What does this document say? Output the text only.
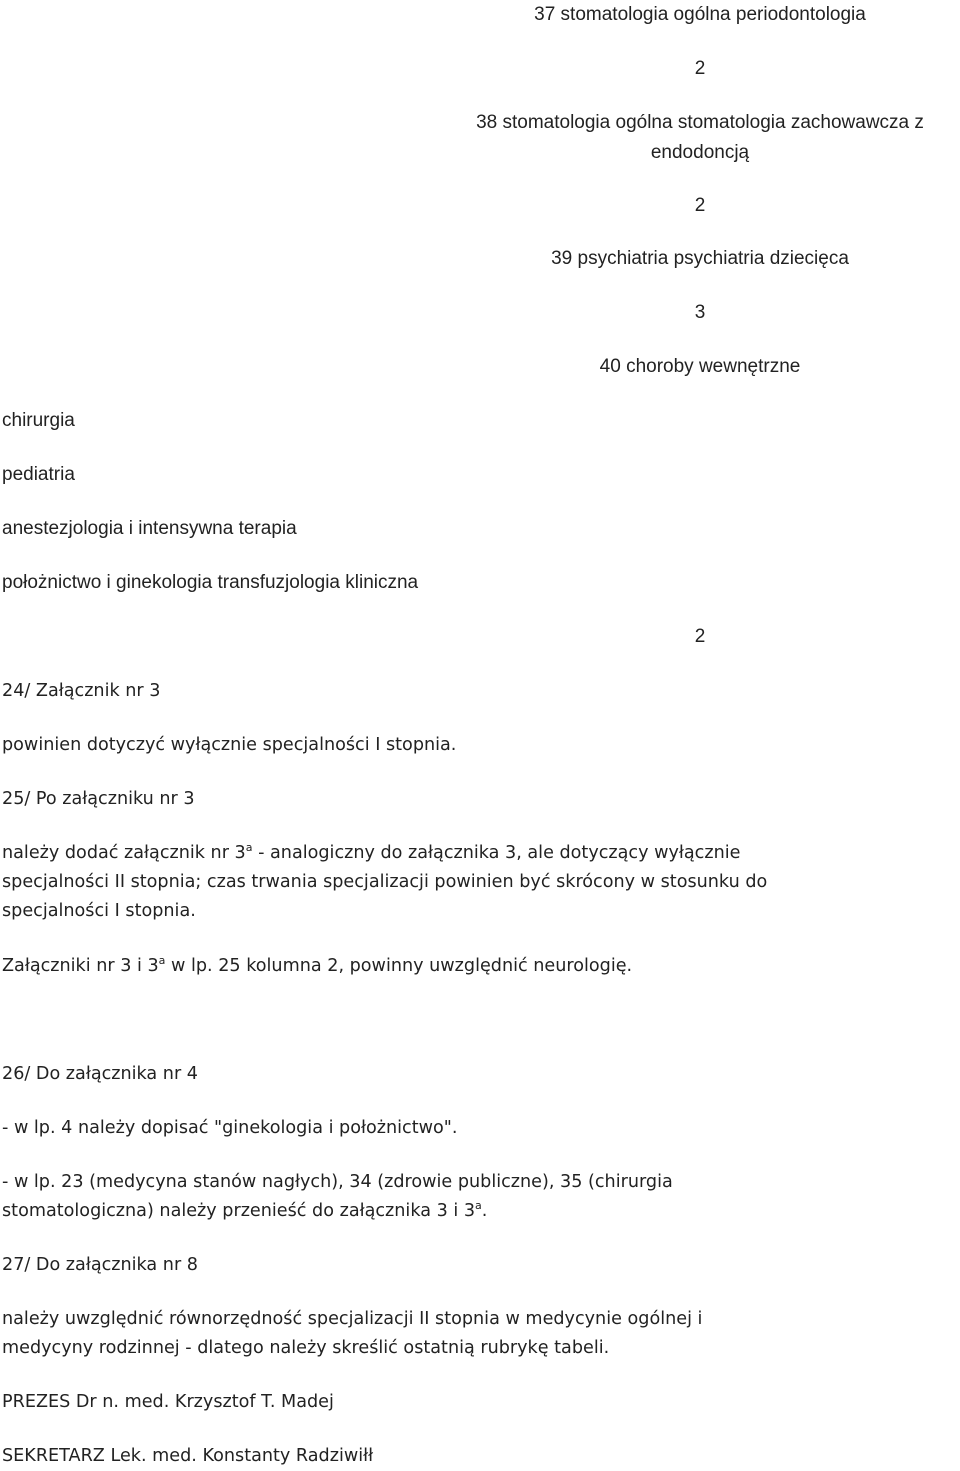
37 stomatologia ogólna periodontologia
2
38 stomatologia ogólna stomatologia zachowawcza z
endodoncją
2
39 psychiatria psychiatria dziecięca
3
40 choroby wewnętrzne
chirurgia
pediatria
anestezjologia i intensywna terapia
położnictwo i ginekologia transfuzjologia kliniczna
2
24/ Załącznik nr 3
powinien dotyczyć wyłącznie specjalności I stopnia.
25/ Po załączniku nr 3
należy dodać załącznik nr 3$^a$ - analogiczny do załącznika 3, ale dotyczący wyłącznie
specjalności II stopnia; czas trwania specjalizacji powinien być skrócony w stosunku do
specjalności I stopnia.
Załączniki nr 3 i 3$^a$ w lp. 25 kolumna 2, powinny uwzględnić neurologię.
26/ Do załącznika nr 4
- w lp. 4 należy dopisać "ginekologia i położnictwo".
- w lp. 23 (medycyna stanów nagłych), 34 (zdrowie publiczne), 35 (chirurgia
stomatologiczna) należy przenieść do załącznika 3 i 3$^a$.
27/ Do załącznika nr 8
należy uwzględnić równorzędność specjalizacji II stopnia w medycynie ogólnej i
medycyny rodzinnej - dlatego należy skreślić ostatnią rubrykę tabeli.
PREZES Dr n. med. Krzysztof T. Madej
SEKRETARZ Lek. med. Konstanty Radziwiłł
